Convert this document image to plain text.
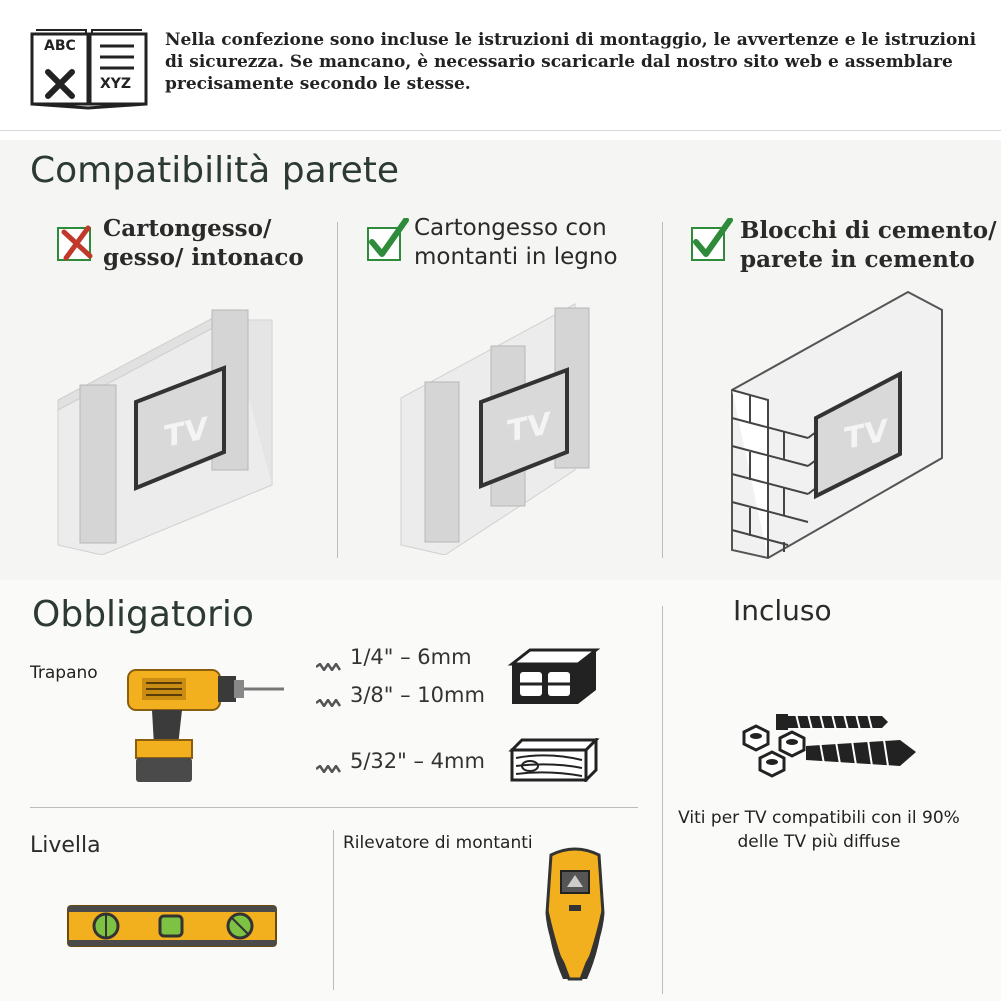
ABC
XYZ
Nella confezione sono incluse le istruzioni di montaggio, le avvertenze e le istruzioni di sicurezza. Se mancano, è necessario scaricarle dal nostro sito web e assemblare precisamente secondo le stesse.
Compatibilità parete
Cartongesso/
gesso/ intonaco
TV
Cartongesso con
montanti in legno
TV
Blocchi di cemento/
parete in cemento
TV
Obbligatorio
Trapano
1/4" – 6mm
3/8" – 10mm
5/32" – 4mm
Livella	Rilevatore di montanti
Incluso
Viti per TV compatibili con il 90%
delle TV più diffuse
